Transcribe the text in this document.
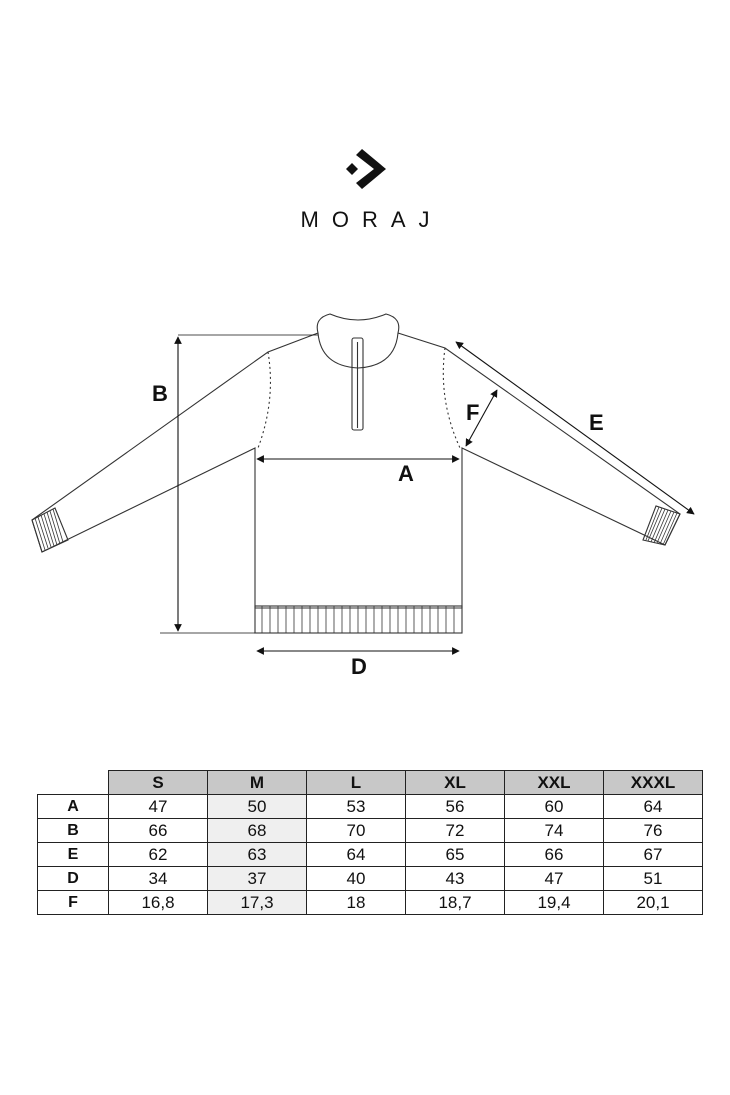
MORAJ
B
A
D
F	E
	S	M	L	XL	XXL	XXXL
A	47	50	53	56	60	64
B	66	68	70	72	74	76
E	62	63	64	65	66	67
D	34	37	40	43	47	51
F	16,8	17,3	18	18,7	19,4	20,1
